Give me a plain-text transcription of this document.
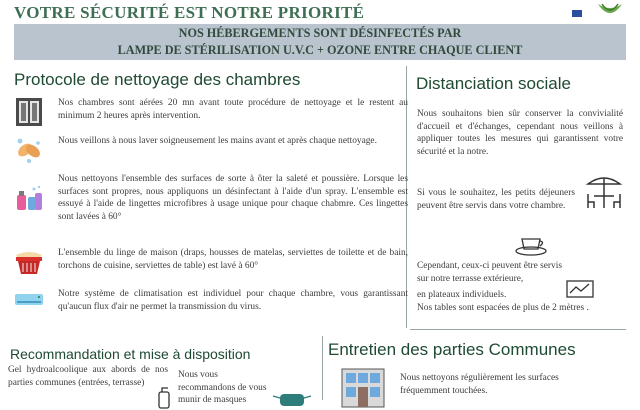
VOTRE SÉCURITÉ EST NOTRE PRIORITÉ
NOS HÉBERGEMENTS SONT DÉSINFECTÉS PAR
LAMPE DE STÉRILISATION U.V.C + OZONE ENTRE CHAQUE CLIENT
Protocole de nettoyage des chambres
Nos chambres sont aérées 20 mn avant toute procédure de nettoyage et le restent au minimum 2 heures après intervention.
Nous veillons à nous laver soigneusement les mains avant et après chaque nettoyage.
Nous nettoyons l'ensemble des surfaces de sorte à ôter la saleté et poussière. Lorsque les surfaces sont propres, nous appliquons un désinfectant à l'aide d'un spray. L'ensemble est essuyé à l'aide de lingettes microfibres à usage unique pour chaque chabmre. Ces lingettes sont lavées à 60°
L'ensemble du linge de maison (draps, housses de matelas, serviettes de toilette et de bain, torchons de cuisine, serviettes de table) est lavé à 60°
Notre système de climatisation est individuel pour chaque chambre, vous garantissant qu'aucun flux d'air ne permet la transmission du virus.
Distanciation sociale
Nous souhaitons bien sûr conserver la convivialité d'accueil et d'échanges, cependant nous veillons à appliquer toutes les mesures qui garantissent votre sécurité et la notre.
Si vous le souhaitez, les petits déjeuners peuvent être servis dans votre chambre.
Cependant, ceux-ci peuvent être servis
sur notre terrasse extérieure,
en plateaux individuels.
Nos tables sont espacées de plus de 2 mètres .
Recommandation et mise à disposition
Gel hydroalcoolique aux abords de nos parties communes (entrées, terrasse)
Nous vous recommandons de vous munir de masques
Entretien des parties Communes
Nous nettoyons régulièrement les surfaces fréquemment touchées.
